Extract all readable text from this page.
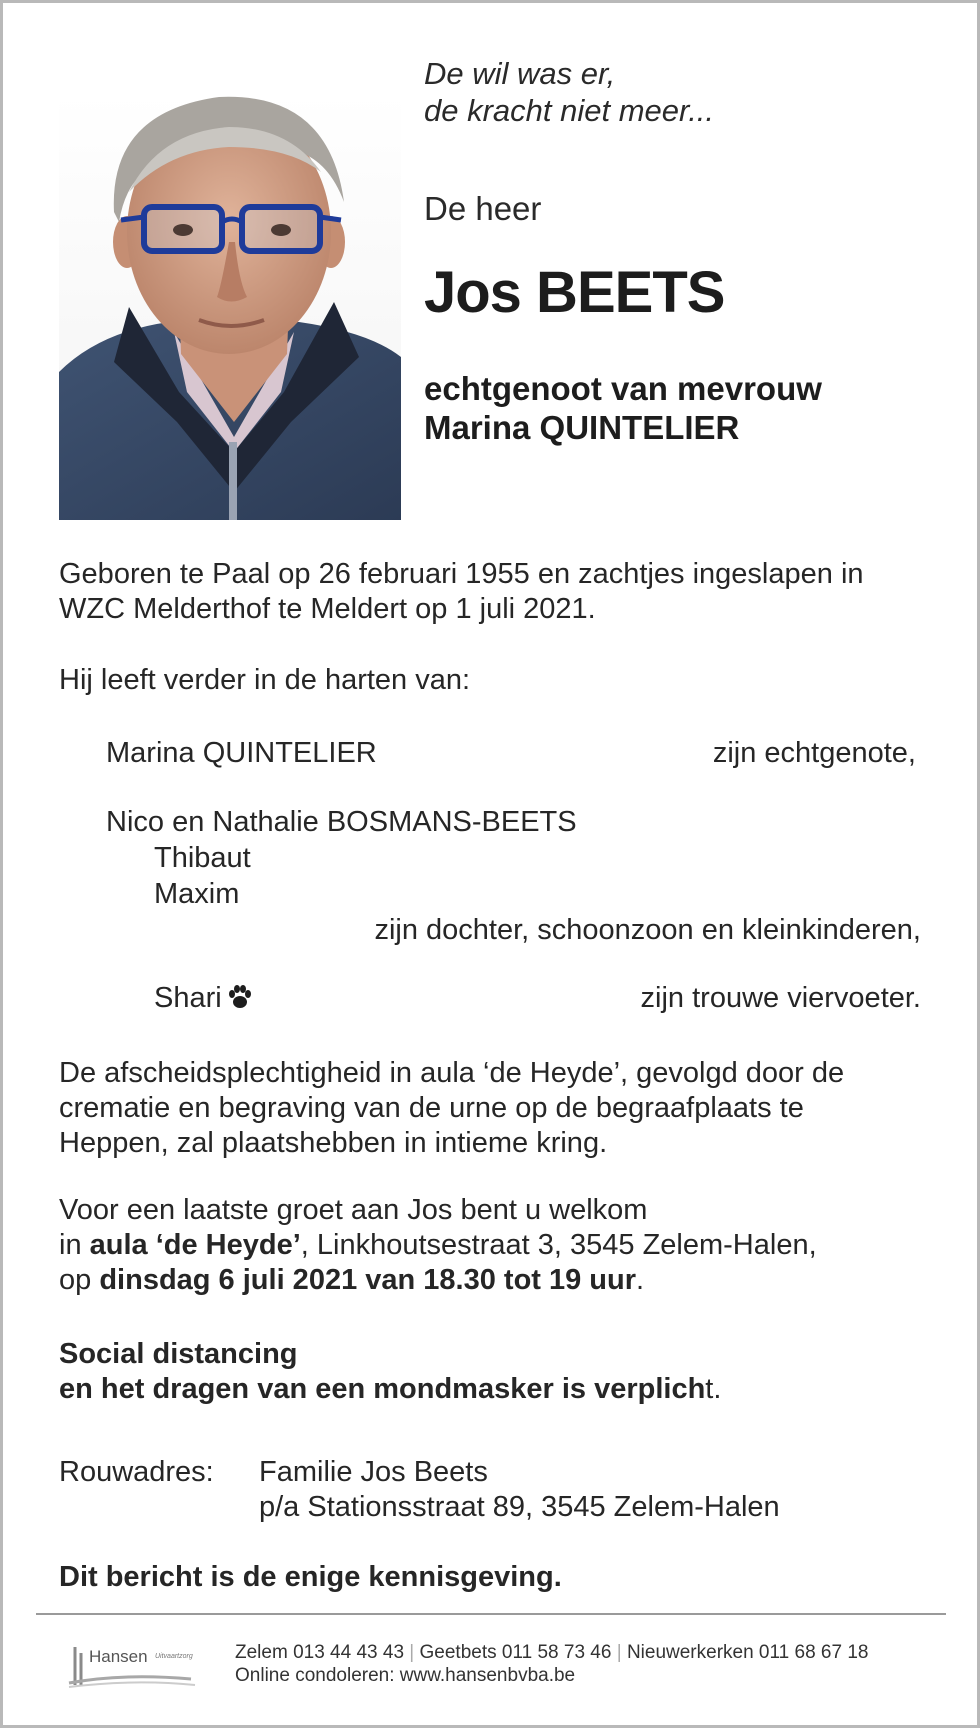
De wil was er,
de kracht niet meer...
De heer
Jos BEETS
echtgenoot van mevrouw
Marina QUINTELIER
Geboren te Paal op 26 februari 1955 en zachtjes ingeslapen in
WZC Melderthof te Meldert op 1 juli 2021.
Hij leeft verder in de harten van:
Marina QUINTELIER	zijn echtgenote,
Nico en Nathalie BOSMANS-BEETS
Thibaut
Maxim
zijn dochter, schoonzoon en kleinkinderen,
Shari	zijn trouwe viervoeter.
De afscheidsplechtigheid in aula ‘de Heyde’, gevolgd door de
crematie en begraving van de urne op de begraafplaats te
Heppen, zal plaatshebben in intieme kring.
Voor een laatste groet aan Jos bent u welkom
in aula ‘de Heyde’, Linkhoutsestraat 3, 3545 Zelem-Halen,
op dinsdag 6 juli 2021 van 18.30 tot 19 uur.
Social distancing
en het dragen van een mondmasker is verplicht.
Rouwadres: Familie Jos Beets
p/a Stationsstraat 89, 3545 Zelem-Halen
Dit bericht is de enige kennisgeving.
Hansen Uitvaartzorg Zelem 013 44 43 43 | Geetbets 011 58 73 46 | Nieuwerkerken 011 68 67 18
Online condoleren: www.hansenbvba.be
